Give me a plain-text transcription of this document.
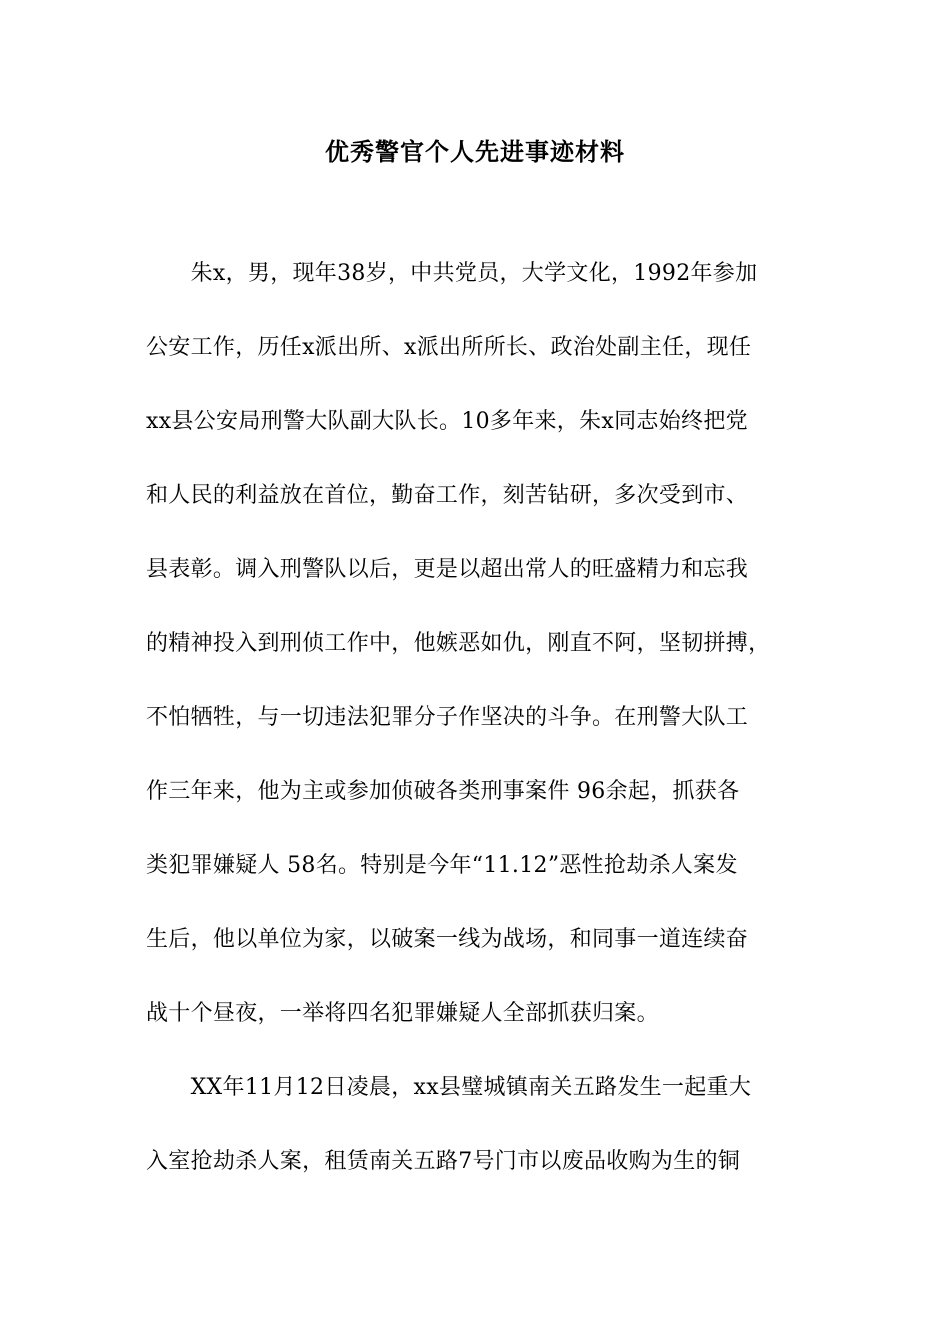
优秀警官个人先进事迹材料
　　朱x，男，现年38岁，中共党员，大学文化，1992年参加
公安工作，历任x派出所、x派出所所长、政治处副主任，现任
xx县公安局刑警大队副大队长。10多年来，朱x同志始终把党
和人民的利益放在首位，勤奋工作，刻苦钻研，多次受到市、
县表彰。调入刑警队以后，更是以超出常人的旺盛精力和忘我
的精神投入到刑侦工作中，他嫉恶如仇，刚直不阿，坚韧拼搏，
不怕牺牲，与一切违法犯罪分子作坚决的斗争。在刑警大队工
作三年来，他为主或参加侦破各类刑事案件 96余起，抓获各
类犯罪嫌疑人 58名。特别是今年“11.12”恶性抢劫杀人案发
生后，他以单位为家，以破案一线为战场，和同事一道连续奋
战十个昼夜，一举将四名犯罪嫌疑人全部抓获归案。
　　XX年11月12日凌晨，xx县璧城镇南关五路发生一起重大
入室抢劫杀人案，租赁南关五路7号门市以废品收购为生的铜
